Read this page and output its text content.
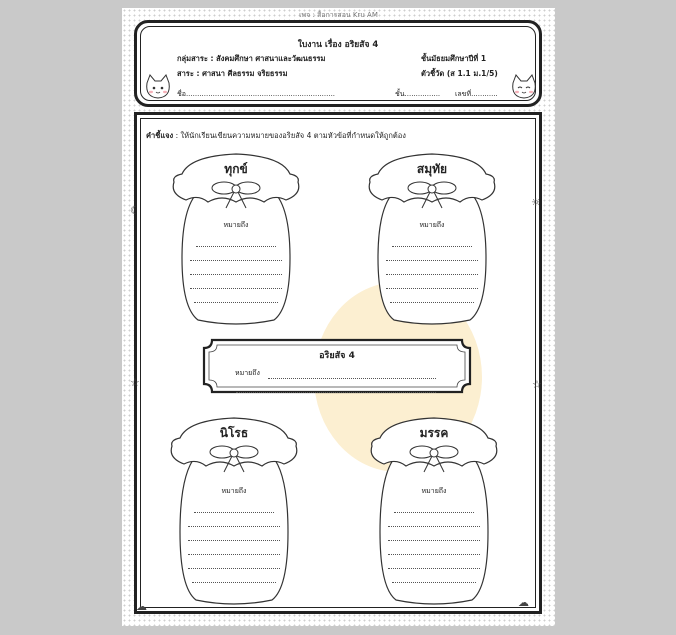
เพจ : สื่อการสอน Kru AM
ใบงาน เรื่อง อริยสัจ 4
กลุ่มสาระ : สังคมศึกษา ศาสนาและวัฒนธรรม	ชั้นมัธยมศึกษาปีที่ 1
สาระ : ศาสนา ศีลธรรม จริยธรรม	ตัวชี้วัด (ส 1.1 ม.1/5)
ชื่อ...................................................................	ชั้น................ เลขที่............
คำชี้แจง : ให้นักเรียนเขียนความหมายของอริยสัจ 4 ตามหัวข้อที่กำหนดให้ถูกต้อง
ทุกข์
หมายถึง
สมุทัย
หมายถึง
นิโรธ
หมายถึง
มรรค
หมายถึง
อริยสัจ 4
หมายถึง
☾
☼
☆	☆
☁	☁
